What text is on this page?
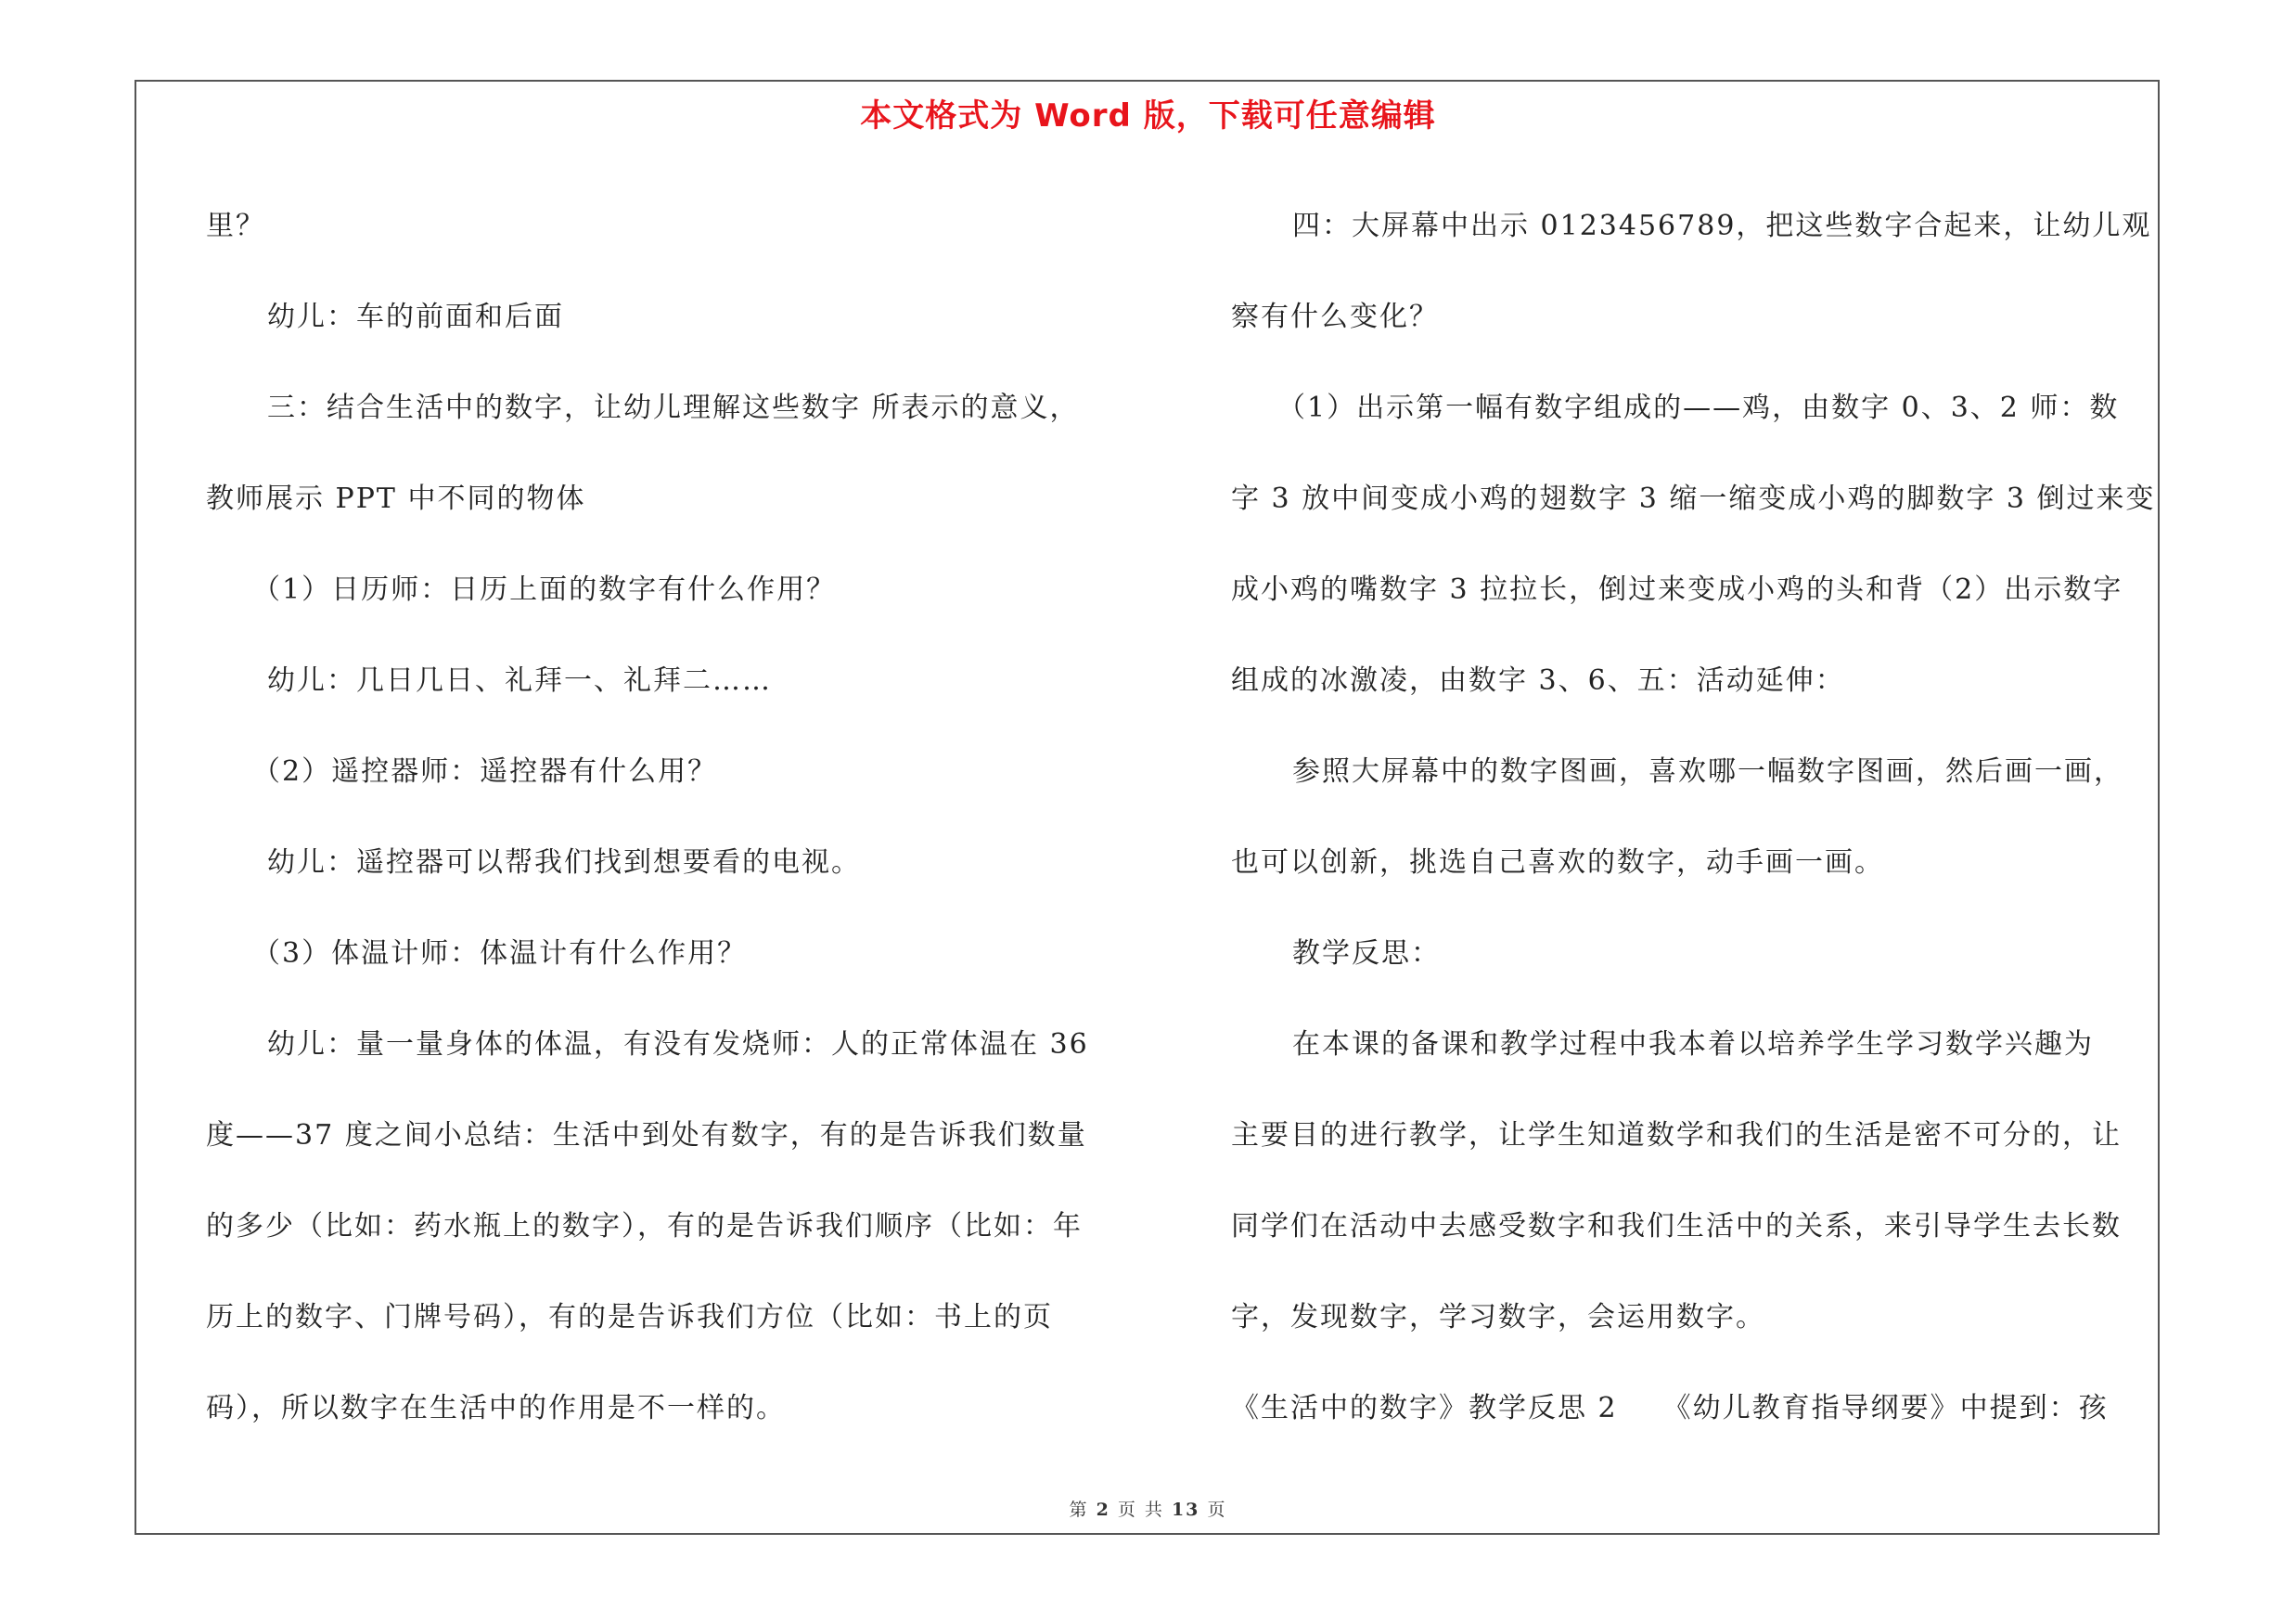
本文格式为 Word 版，下载可任意编辑
里？
幼儿：车的前面和后面
三：结合生活中的数字，让幼儿理解这些数字 所表示的意义，
教师展示 PPT 中不同的物体
（1）日历师：日历上面的数字有什么作用？
幼儿：几日几日、礼拜一、礼拜二……
（2）遥控器师：遥控器有什么用？
幼儿：遥控器可以帮我们找到想要看的电视。
（3）体温计师：体温计有什么作用？
幼儿：量一量身体的体温，有没有发烧师：人的正常体温在 36
度——37 度之间小总结：生活中到处有数字，有的是告诉我们数量
的多少（比如：药水瓶上的数字），有的是告诉我们顺序（比如：年
历上的数字、门牌号码），有的是告诉我们方位（比如：书上的页
码），所以数字在生活中的作用是不一样的。
四：大屏幕中出示 0123456789，把这些数字合起来，让幼儿观
察有什么变化？
（1）出示第一幅有数字组成的——鸡，由数字 0、3、2 师：数
字 3 放中间变成小鸡的翅数字 3 缩一缩变成小鸡的脚数字 3 倒过来变
成小鸡的嘴数字 3 拉拉长，倒过来变成小鸡的头和背（2）出示数字
组成的冰激凌，由数字 3、6、五：活动延伸：
参照大屏幕中的数字图画，喜欢哪一幅数字图画，然后画一画，
也可以创新，挑选自己喜欢的数字，动手画一画。
教学反思：
在本课的备课和教学过程中我本着以培养学生学习数学兴趣为
主要目的进行教学，让学生知道数学和我们的生活是密不可分的，让
同学们在活动中去感受数字和我们生活中的关系，来引导学生去长数
字，发现数字，学习数字，会运用数字。
《生活中的数字》教学反思 2　　《幼儿教育指导纲要》中提到：孩
第 2 页 共 13 页
